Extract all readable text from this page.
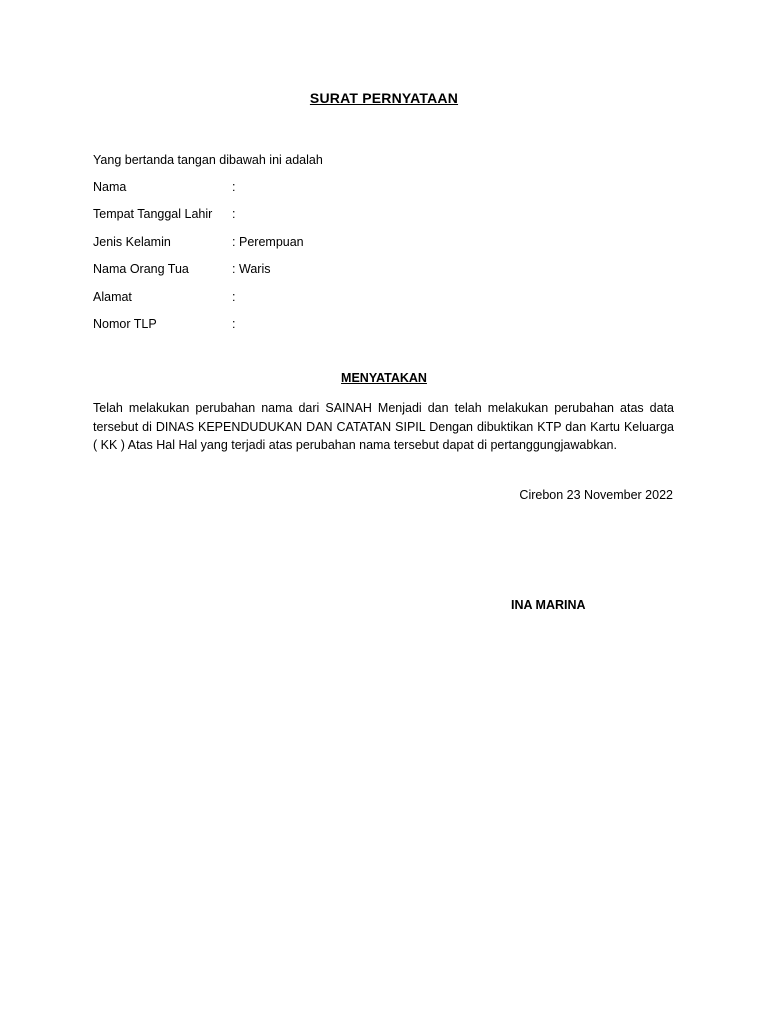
SURAT PERNYATAAN
Yang bertanda tangan dibawah ini adalah
Nama	:
Tempat Tanggal Lahir	:
Jenis Kelamin	: Perempuan
Nama Orang Tua	: Waris
Alamat	:
Nomor TLP	:
MENYATAKAN
Telah melakukan perubahan nama dari SAINAH Menjadi dan telah melakukan perubahan atas data tersebut di DINAS KEPENDUDUKAN DAN CATATAN SIPIL Dengan dibuktikan KTP dan Kartu Keluarga ( KK ) Atas Hal Hal yang terjadi atas perubahan nama tersebut dapat di pertanggungjawabkan.
Cirebon 23 November 2022
INA MARINA
